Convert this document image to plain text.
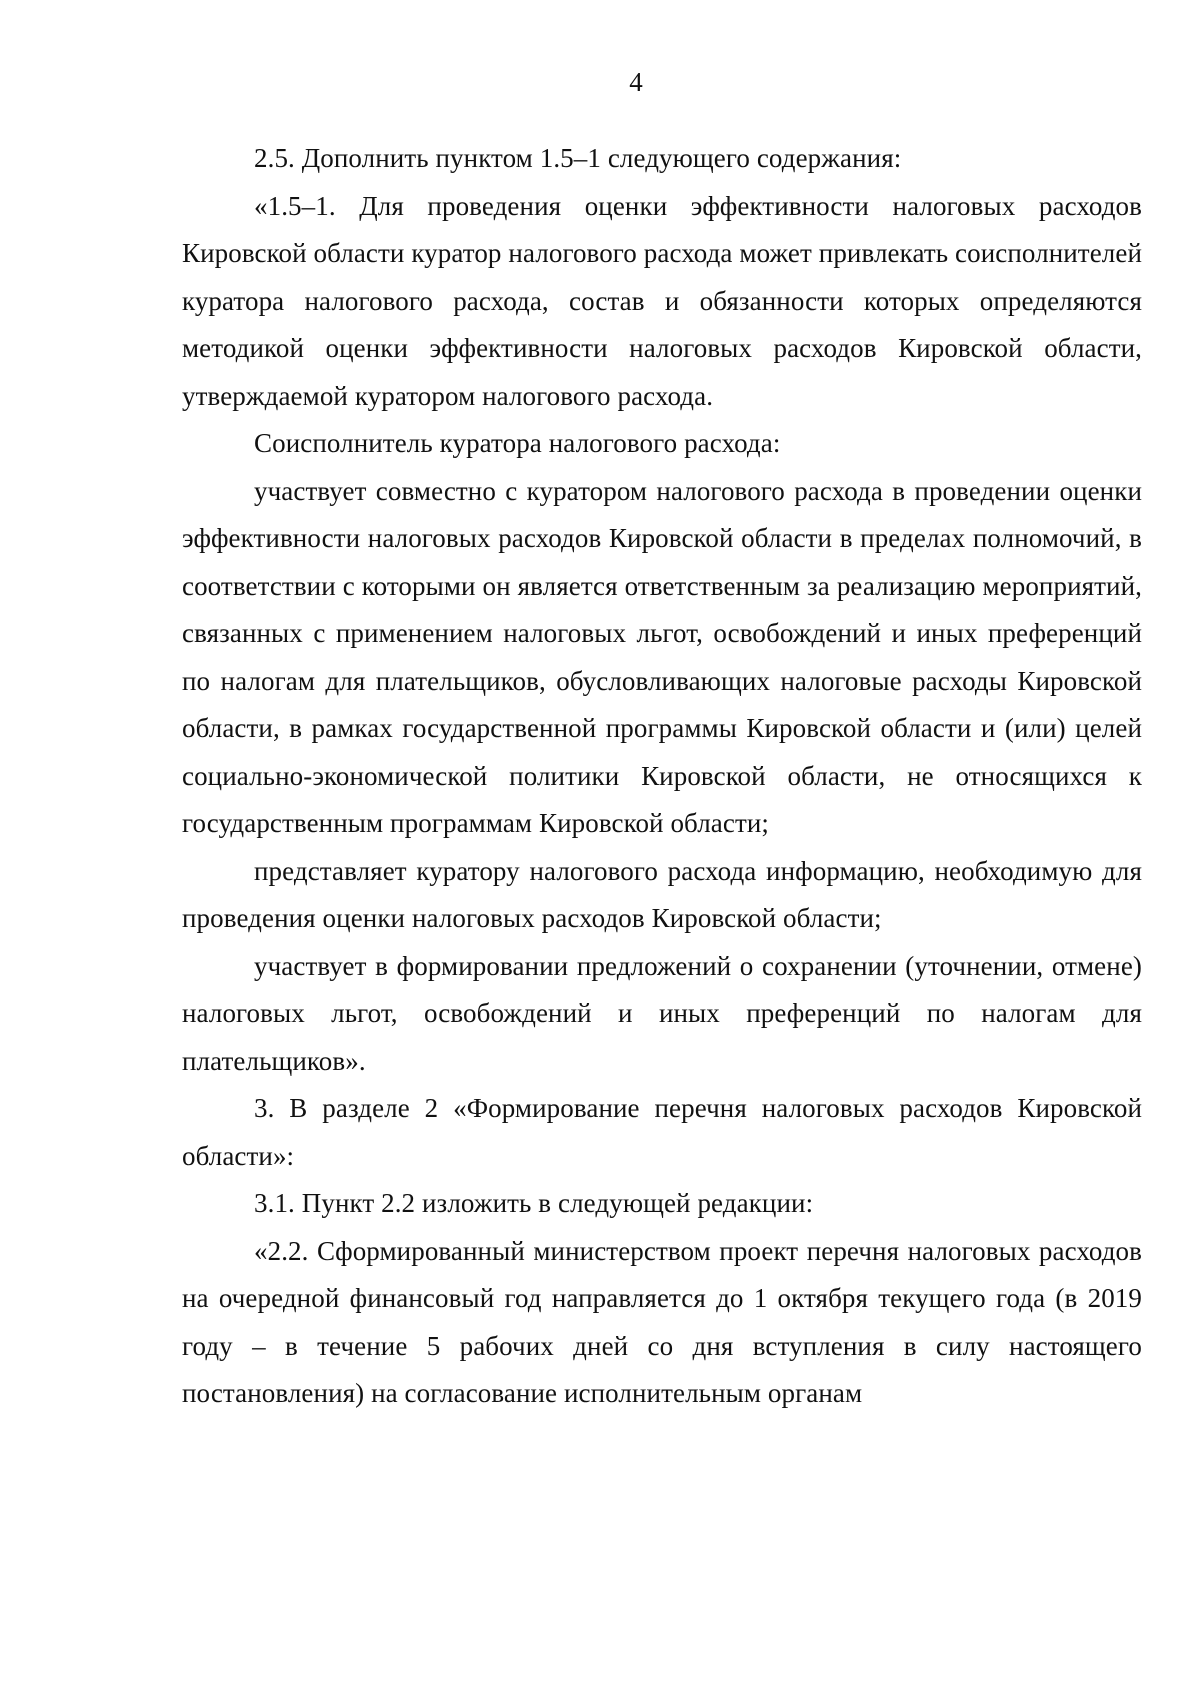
4

2.5. Дополнить пунктом 1.5–1 следующего содержания:

«1.5–1. Для проведения оценки эффективности налоговых расходов Кировской области куратор налогового расхода может привлекать соисполнителей куратора налогового расхода, состав и обязанности которых определяются методикой оценки эффективности налоговых расходов Кировской области, утверждаемой куратором налогового расхода.

Соисполнитель куратора налогового расхода:

участвует совместно с куратором налогового расхода в проведении оценки эффективности налоговых расходов Кировской области в пределах полномочий, в соответствии с которыми он является ответственным за реализацию мероприятий, связанных с применением налоговых льгот, освобождений и иных преференций по налогам для плательщиков, обусловливающих налоговые расходы Кировской области, в рамках государственной программы Кировской области и (или) целей социально-экономической политики Кировской области, не относящихся к государственным программам Кировской области;

представляет куратору налогового расхода информацию, необходимую для проведения оценки налоговых расходов Кировской области;

участвует в формировании предложений о сохранении (уточнении, отмене) налоговых льгот, освобождений и иных преференций по налогам для плательщиков».

3. В разделе 2 «Формирование перечня налоговых расходов Кировской области»:

3.1. Пункт 2.2 изложить в следующей редакции:

«2.2. Сформированный министерством проект перечня налоговых расходов на очередной финансовый год направляется до 1 октября текущего года (в 2019 году – в течение 5 рабочих дней со дня вступления в силу настоящего постановления) на согласование исполнительным органам
